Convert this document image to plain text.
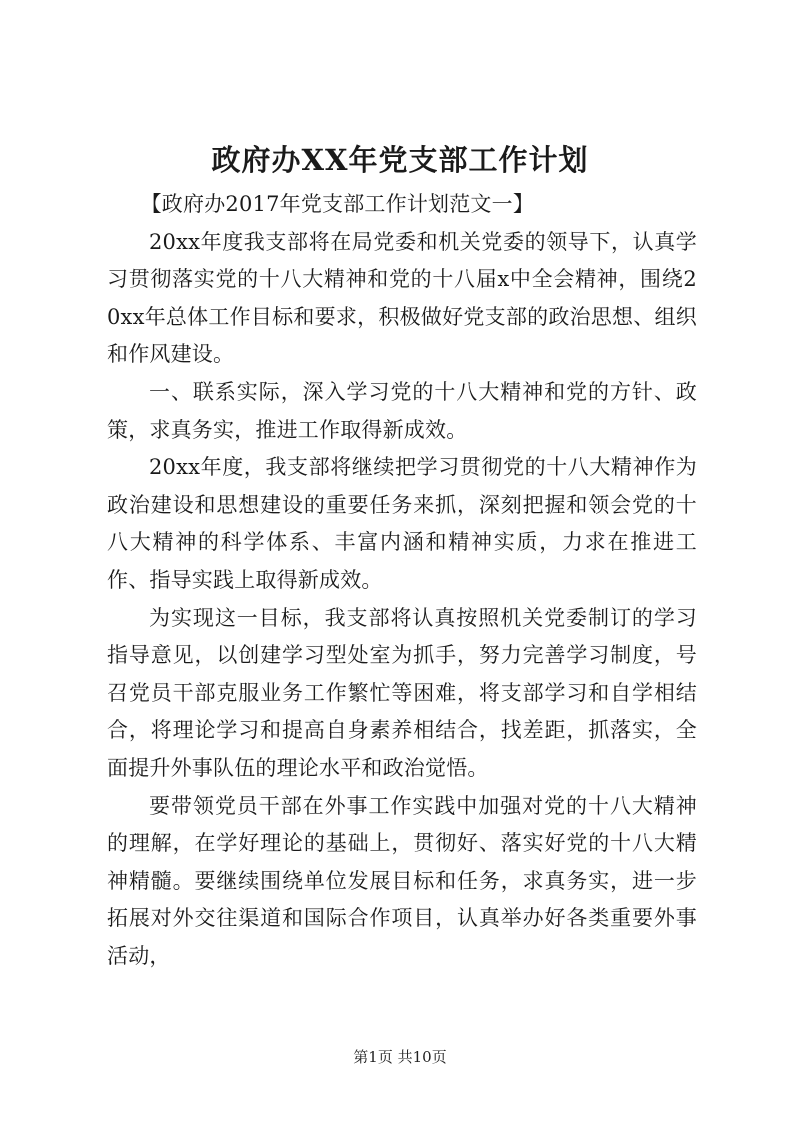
政府办XX年党支部工作计划

【政府办2017年党支部工作计划范文一】

20xx年度我支部将在局党委和机关党委的领导下，认真学习贯彻落实党的十八大精神和党的十八届x中全会精神，围绕20xx年总体工作目标和要求，积极做好党支部的政治思想、组织和作风建设。

一、联系实际，深入学习党的十八大精神和党的方针、政策，求真务实，推进工作取得新成效。

20xx年度，我支部将继续把学习贯彻党的十八大精神作为政治建设和思想建设的重要任务来抓，深刻把握和领会党的十八大精神的科学体系、丰富内涵和精神实质，力求在推进工作、指导实践上取得新成效。

为实现这一目标，我支部将认真按照机关党委制订的学习指导意见，以创建学习型处室为抓手，努力完善学习制度，号召党员干部克服业务工作繁忙等困难，将支部学习和自学相结合，将理论学习和提高自身素养相结合，找差距，抓落实，全面提升外事队伍的理论水平和政治觉悟。

要带领党员干部在外事工作实践中加强对党的十八大精神的理解，在学好理论的基础上，贯彻好、落实好党的十八大精神精髓。要继续围绕单位发展目标和任务，求真务实，进一步拓展对外交往渠道和国际合作项目，认真举办好各类重要外事活动，

第1页 共10页
